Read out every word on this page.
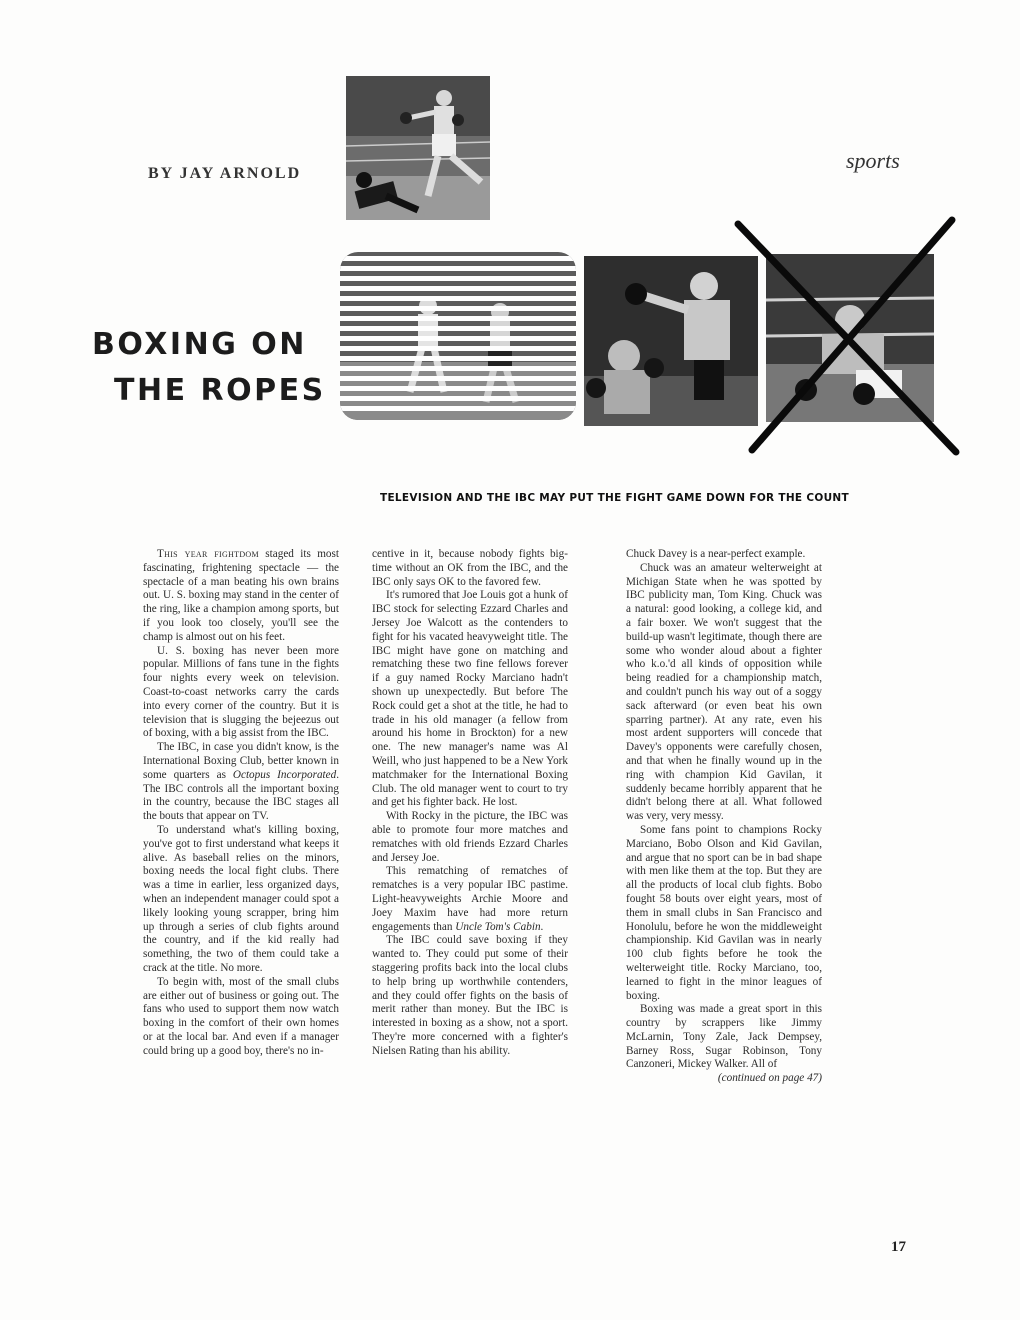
BY JAY ARNOLD
sports
BOXING ON
THE ROPES
TELEVISION AND THE IBC MAY PUT THE FIGHT GAME DOWN FOR THE COUNT

This year fightdom staged its most fascinating, frightening spectacle — the spectacle of a man beating his own brains out. U. S. boxing may stand in the center of the ring, like a champion among sports, but if you look too closely, you'll see the champ is almost out on his feet.

U. S. boxing has never been more popular. Millions of fans tune in the fights four nights every week on television. Coast-to-coast networks carry the cards into every corner of the country. But it is television that is slugging the bejeezus out of boxing, with a big assist from the IBC.

The IBC, in case you didn't know, is the International Boxing Club, better known in some quarters as Octopus Incorporated. The IBC controls all the important boxing in the country, because the IBC stages all the bouts that appear on TV.

To understand what's killing boxing, you've got to first understand what keeps it alive. As baseball relies on the minors, boxing needs the local fight clubs. There was a time in earlier, less organized days, when an independent manager could spot a likely looking young scrapper, bring him up through a series of club fights around the country, and if the kid really had something, the two of them could take a crack at the title. No more.

To begin with, most of the small clubs are either out of business or going out. The fans who used to support them now watch boxing in the comfort of their own homes or at the local bar. And even if a manager could bring up a good boy, there's no in-

centive in it, because nobody fights big-time without an OK from the IBC, and the IBC only says OK to the favored few.

It's rumored that Joe Louis got a hunk of IBC stock for selecting Ezzard Charles and Jersey Joe Walcott as the contenders to fight for his vacated heavyweight title. The IBC might have gone on matching and rematching these two fine fellows forever if a guy named Rocky Marciano hadn't shown up unexpectedly. But before The Rock could get a shot at the title, he had to trade in his old manager (a fellow from around his home in Brockton) for a new one. The new manager's name was Al Weill, who just happened to be a New York matchmaker for the International Boxing Club. The old manager went to court to try and get his fighter back. He lost.

With Rocky in the picture, the IBC was able to promote four more matches and rematches with old friends Ezzard Charles and Jersey Joe.

This rematching of rematches of rematches is a very popular IBC pastime. Light-heavyweights Archie Moore and Joey Maxim have had more return engagements than Uncle Tom's Cabin.

The IBC could save boxing if they wanted to. They could put some of their staggering profits back into the local clubs to help bring up worthwhile contenders, and they could offer fights on the basis of merit rather than money. But the IBC is interested in boxing as a show, not a sport. They're more concerned with a fighter's Nielsen Rating than his ability.

Chuck Davey is a near-perfect example.

Chuck was an amateur welterweight at Michigan State when he was spotted by IBC publicity man, Tom King. Chuck was a natural: good looking, a college kid, and a fair boxer. We won't suggest that the build-up wasn't legitimate, though there are some who wonder aloud about a fighter who k.o.'d all kinds of opposition while being readied for a championship match, and couldn't punch his way out of a soggy sack afterward (or even beat his own sparring partner). At any rate, even his most ardent supporters will concede that Davey's opponents were carefully chosen, and that when he finally wound up in the ring with champion Kid Gavilan, it suddenly became horribly apparent that he didn't belong there at all. What followed was very, very messy.

Some fans point to champions Rocky Marciano, Bobo Olson and Kid Gavilan, and argue that no sport can be in bad shape with men like them at the top. But they are all the products of local club fights. Bobo fought 58 bouts over eight years, most of them in small clubs in San Francisco and Honolulu, before he won the middleweight championship. Kid Gavilan was in nearly 100 club fights before he took the welterweight title. Rocky Marciano, too, learned to fight in the minor leagues of boxing.

Boxing was made a great sport in this country by scrappers like Jimmy McLarnin, Tony Zale, Jack Dempsey, Barney Ross, Sugar Robinson, Tony Canzoneri, Mickey Walker. All of

(continued on page 47)

17
